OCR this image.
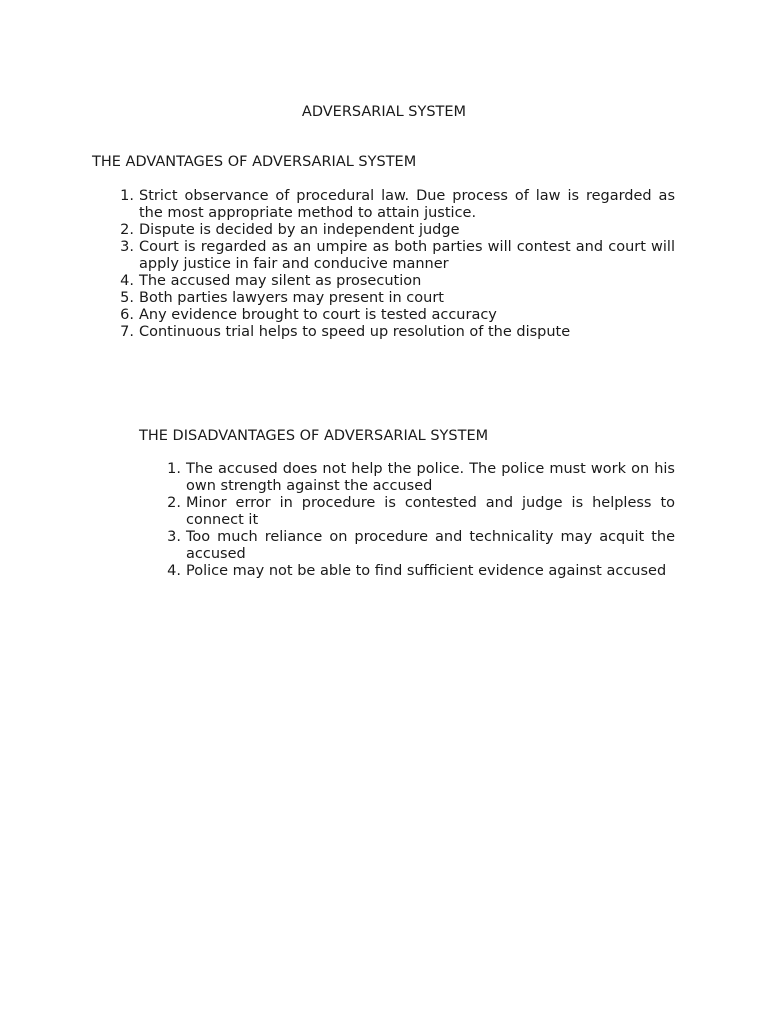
ADVERSARIAL SYSTEM
THE ADVANTAGES OF ADVERSARIAL SYSTEM
1. Strict observance of procedural law. Due process of law is regarded as the most appropriate method to attain justice.
2. Dispute is decided by an independent judge
3. Court is regarded as an umpire as both parties will contest and court will apply justice in fair and conducive manner
4. The accused may silent as prosecution
5. Both parties lawyers may present in court
6. Any evidence brought to court is tested accuracy
7. Continuous trial helps to speed up resolution of the dispute
THE DISADVANTAGES OF ADVERSARIAL SYSTEM
1. The accused does not help the police. The police must work on his own strength against the accused
2. Minor error in procedure is contested and judge is helpless to connect it
3. Too much reliance on procedure and technicality may acquit the accused
4. Police may not be able to find sufficient evidence against accused
